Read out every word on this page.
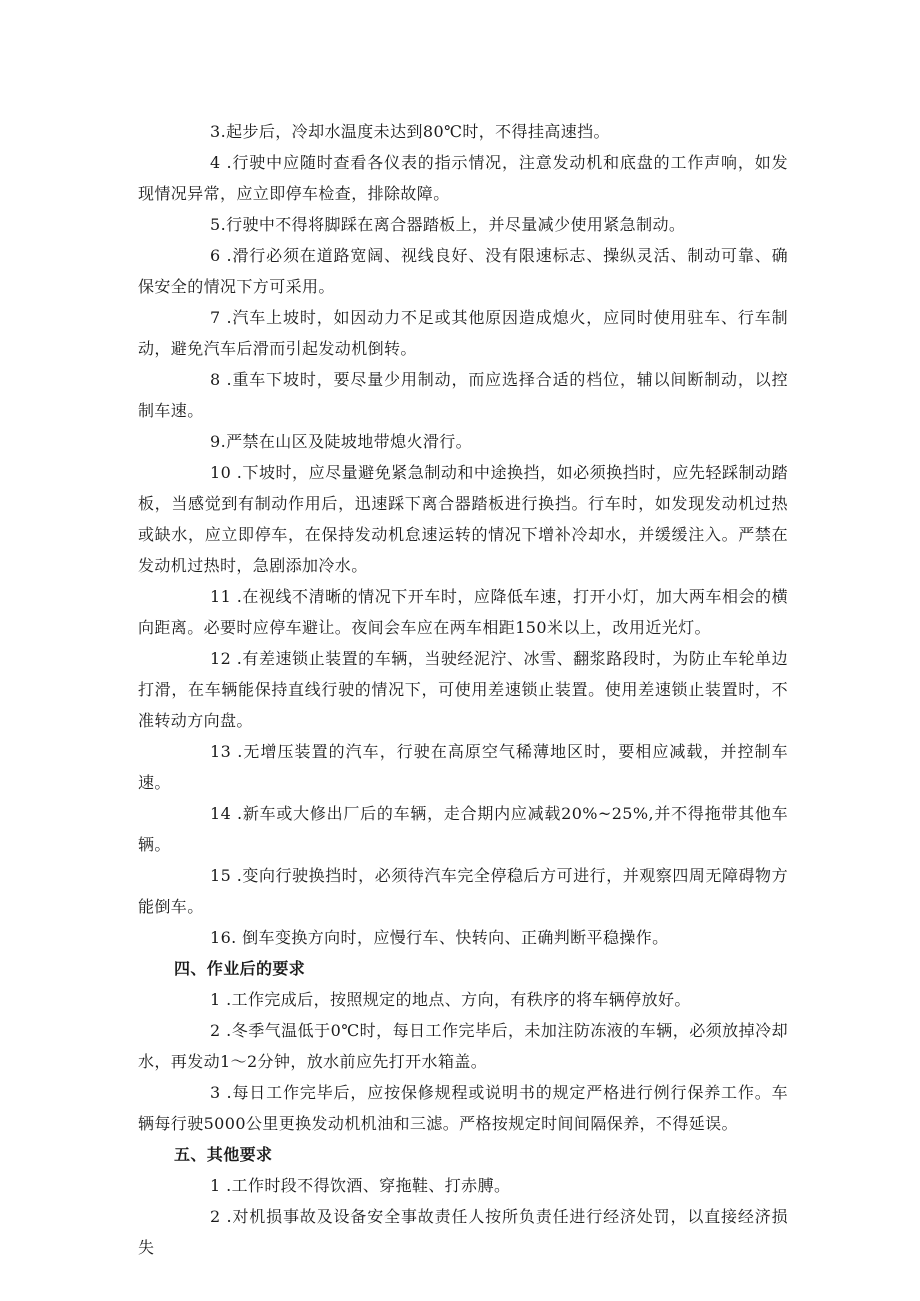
3.起步后，冷却水温度未达到80℃时，不得挂高速挡。

4 .行驶中应随时查看各仪表的指示情况，注意发动机和底盘的工作声响，如发现情况异常，应立即停车检查，排除故障。

5.行驶中不得将脚踩在离合器踏板上，并尽量减少使用紧急制动。

6 .滑行必须在道路宽阔、视线良好、没有限速标志、操纵灵活、制动可靠、确保安全的情况下方可采用。

7 .汽车上坡时，如因动力不足或其他原因造成熄火，应同时使用驻车、行车制动，避免汽车后滑而引起发动机倒转。

8 .重车下坡时，要尽量少用制动，而应选择合适的档位，辅以间断制动，以控制车速。

9.严禁在山区及陡坡地带熄火滑行。

10 .下坡时，应尽量避免紧急制动和中途换挡，如必须换挡时，应先轻踩制动踏板，当感觉到有制动作用后，迅速踩下离合器踏板进行换挡。行车时，如发现发动机过热或缺水，应立即停车，在保持发动机怠速运转的情况下增补冷却水，并缓缓注入。严禁在发动机过热时，急剧添加冷水。

11 .在视线不清晰的情况下开车时，应降低车速，打开小灯，加大两车相会的横向距离。必要时应停车避让。夜间会车应在两车相距150米以上，改用近光灯。

12 .有差速锁止装置的车辆，当驶经泥泞、冰雪、翻浆路段时，为防止车轮单边打滑，在车辆能保持直线行驶的情况下，可使用差速锁止装置。使用差速锁止装置时，不准转动方向盘。

13 .无增压装置的汽车，行驶在高原空气稀薄地区时，要相应减载，并控制车速。

14 .新车或大修出厂后的车辆，走合期内应减载20%~25%,并不得拖带其他车辆。

15 .变向行驶换挡时，必须待汽车完全停稳后方可进行，并观察四周无障碍物方能倒车。

16. 倒车变换方向时，应慢行车、快转向、正确判断平稳操作。

四、作业后的要求

1 .工作完成后，按照规定的地点、方向，有秩序的将车辆停放好。

2 .冬季气温低于0℃时，每日工作完毕后，未加注防冻液的车辆，必须放掉冷却水，再发动1～2分钟，放水前应先打开水箱盖。

3 .每日工作完毕后，应按保修规程或说明书的规定严格进行例行保养工作。车辆每行驶5000公里更换发动机机油和三滤。严格按规定时间间隔保养，不得延误。

五、其他要求

1 .工作时段不得饮酒、穿拖鞋、打赤膊。

2 .对机损事故及设备安全事故责任人按所负责任进行经济处罚，以直接经济损失
